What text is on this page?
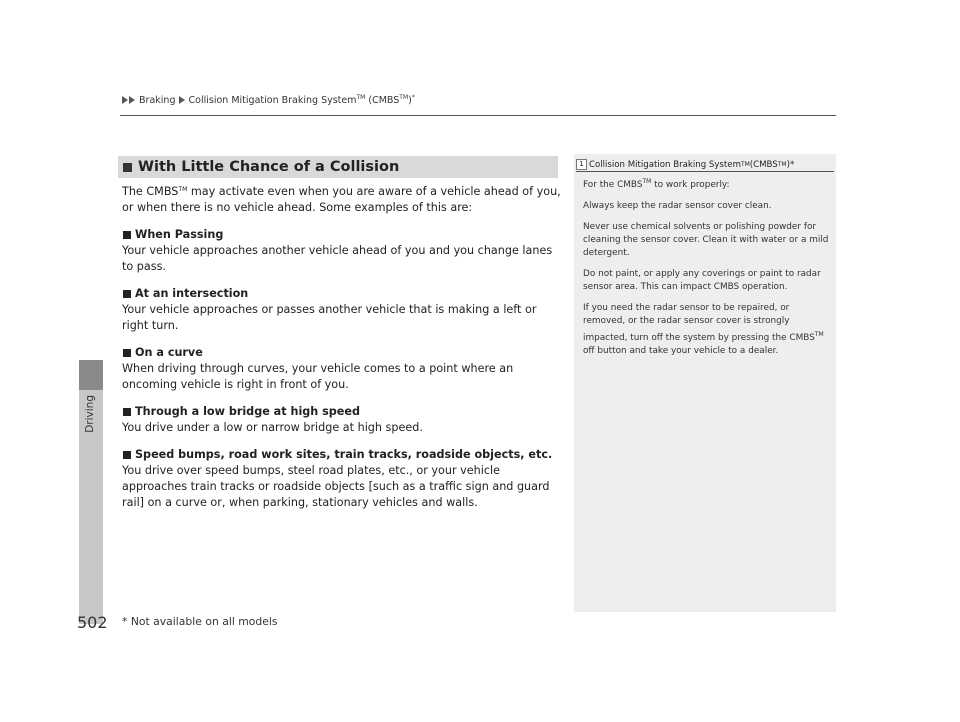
Braking Collision Mitigation Braking System™ (CMBS™)*
Driving
With Little Chance of a Collision

The CMBS™ may activate even when you are aware of a vehicle ahead of you, or when there is no vehicle ahead. Some examples of this are:

When Passing

Your vehicle approaches another vehicle ahead of you and you change lanes to pass.

At an intersection

Your vehicle approaches or passes another vehicle that is making a left or right turn.

On a curve

When driving through curves, your vehicle comes to a point where an oncoming vehicle is right in front of you.

Through a low bridge at high speed

You drive under a low or narrow bridge at high speed.

Speed bumps, road work sites, train tracks, roadside objects, etc.

You drive over speed bumps, steel road plates, etc., or your vehicle approaches train tracks or roadside objects [such as a traffic sign and guard rail] on a curve or, when parking, stationary vehicles and walls.

1 Collision Mitigation Braking System TM (CMBS TM )*

For the CMBS™ to work properly:

Always keep the radar sensor cover clean.

Never use chemical solvents or polishing powder for cleaning the sensor cover. Clean it with water or a mild detergent.

Do not paint, or apply any coverings or paint to radar sensor area. This can impact CMBS operation.

If you need the radar sensor to be repaired, or removed, or the radar sensor cover is strongly impacted, turn off the system by pressing the CMBS™ off button and take your vehicle to a dealer.

502 * Not available on all models
